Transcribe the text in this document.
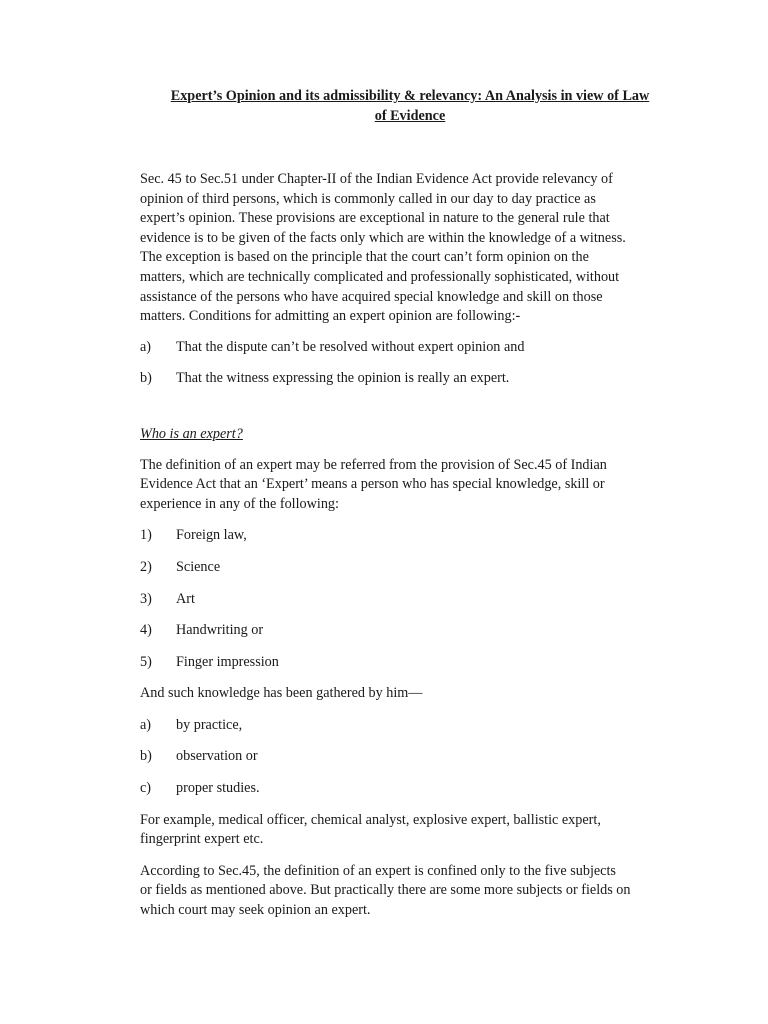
Expert’s Opinion and its admissibility & relevancy: An Analysis in view of Law
of Evidence
Sec. 45 to Sec.51 under Chapter-II of the Indian Evidence Act provide relevancy of
opinion of third persons, which is commonly called in our day to day practice as
expert’s opinion. These provisions are exceptional in nature to the general rule that
evidence is to be given of the facts only which are within the knowledge of a witness.
The exception is based on the principle that the court can’t form opinion on the
matters, which are technically complicated and professionally sophisticated, without
assistance of the persons who have acquired special knowledge and skill on those
matters. Conditions for admitting an expert opinion are following:-
a)	That the dispute can’t be resolved without expert opinion and
b)	That the witness expressing the opinion is really an expert.
Who is an expert?
The definition of an expert may be referred from the provision of Sec.45 of Indian
Evidence Act that an ‘Expert’ means a person who has special knowledge, skill or
experience in any of the following:
1)	Foreign law,
2)	Science
3)	Art
4)	Handwriting or
5)	Finger impression
And such knowledge has been gathered by him—
a)	by practice,
b)	observation or
c)	proper studies.
For example, medical officer, chemical analyst, explosive expert, ballistic expert,
fingerprint expert etc.
According to Sec.45, the definition of an expert is confined only to the five subjects
or fields as mentioned above. But practically there are some more subjects or fields on
which court may seek opinion an expert.
